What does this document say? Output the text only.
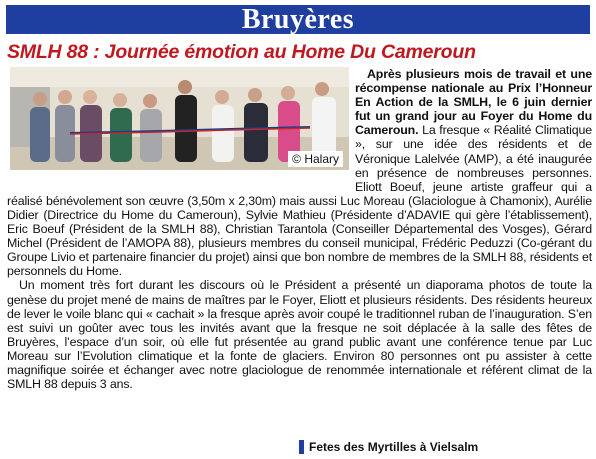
Bruyères
SMLH 88 : Journée émotion au Home Du Cameroun
© Halary

Après plusieurs mois de travail et une récompense nationale au Prix l’Honneur En Action de la SMLH, le 6 juin dernier fut un grand jour au Foyer du Home du Cameroun. La fresque « Réalité Climatique », sur une idée des résidents et de Véronique Lalelvée (AMP), a été inaugurée en présence de nombreuses personnes. Eliott Boeuf, jeune artiste graffeur qui a réalisé bénévolement son œuvre (3,50m x 2,30m) mais aussi Luc Moreau (Glaciologue à Chamonix), Aurélie Didier (Directrice du Home du Cameroun), Sylvie Mathieu (Présidente d’ADAVIE qui gère l’établissement), Eric Boeuf (Président de la SMLH 88), Christian Tarantola (Conseiller Départemental des Vosges), Gérard Michel (Président de l’AMOPA 88), plusieurs membres du conseil municipal, Frédéric Peduzzi (Co-gérant du Groupe Livio et partenaire financier du projet) ainsi que bon nombre de membres de la SMLH 88, résidents et personnels du Home.

Un moment très fort durant les discours où le Président a présenté un diaporama photos de toute la genèse du projet mené de mains de maîtres par le Foyer, Eliott et plusieurs résidents. Des résidents heureux de lever le voile blanc qui « cachait » la fresque après avoir coupé le traditionnel ruban de l’inauguration. S’en est suivi un goûter avec tous les invités avant que la fresque ne soit déplacée à la salle des fêtes de Bruyères, l’espace d’un soir, où elle fut présentée au grand public avant une conférence tenue par Luc Moreau sur l’Evolution climatique et la fonte de glaciers. Environ 80 personnes ont pu assister à cette magnifique soirée et échanger avec notre glaciologue de renommée internationale et référent climat de la SMLH 88 depuis 3 ans.

Fetes des Myrtilles à Vielsalm
